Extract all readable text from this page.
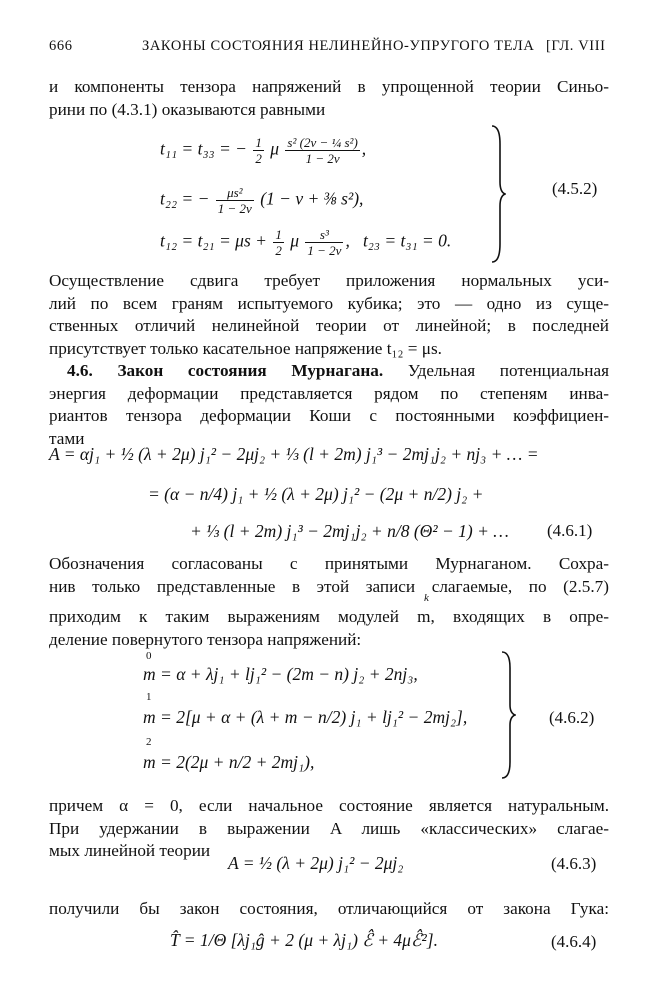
666	ЗАКОНЫ СОСТОЯНИЯ НЕЛИНЕЙНО-УПРУГОГО ТЕЛА [ГЛ. VIII
и компоненты тензора напряжений в упрощенной теории Синьо-
рини по (4.3.1) оказываются равными
t₁₁ = t₃₃ = − $\frac{1}{2}$ μ $\frac{\text{s² (2ν − ¼ s²)}}{1 - 2\nu}$ ,
t₂₂ = − $\frac{\text{μs²}}{1 - 2\nu} (1 - \nu$ + ⅜ s²),
$t_{12} = t_{21} = \mu s + \frac{1}{2}$ μ $\frac{\text{s³}}{1 - 2\nu}$ ,   t₂₃ = t₃₁ = 0.
(4.5.2)
Осуществление сдвига требует приложения нормальных уси-
лий по всем граням испытуемого кубика; это — одно из суще-
ственных отличий нелинейной теории от линейной; в последней
присутствует только касательное напряжение t₁₂ = μs.
4.6. Закон состояния Мурнагана. Удельная потенциальная
энергия деформации представляется рядом по степеням инва-
риантов тензора деформации Коши с постоянными коэффициен-
тами
A = αj₁ + ½ (λ + 2μ) j₁² − 2μj₂ + ⅓ (l + 2m) j₁³ − 2mj₁j₂ + nj₃ + … =
= (α − n/4) j₁ + ½ (λ + 2μ) j₁² − (2μ + n/2) j₂ +
+ ⅓ (l + 2m) j₁³ − 2mj₁j₂ + n/8 (Θ² − 1) + … (4.6.1)
Обозначения согласованы с принятыми Мурнаганом. Сохра-
нив только представленные в этой записи слагаемые, по (2.5.7)
k
приходим к таким выражениям модулей m, входящих в опре-
деление повернутого тензора напряжений:
0
m = α + λj₁ + lj₁² − (2m − n) j₂ + 2nj₃,
1
m = 2[μ + α + (λ + m − n/2) j₁ + lj₁² − 2mj₂],
2
m = 2(2μ + n/2 + 2mj₁),
(4.6.2)
причем α = 0, если начальное состояние является натуральным.
При удержании в выражении A лишь «классических» слагае-
мых линейной теории
A = ½ (λ + 2μ) j₁² − 2μj₂	(4.6.3)
получили бы закон состояния, отличающийся от закона Гука:
T̂ = 1/Θ [λj₁ĝ + 2 (μ + λj₁) ℰ̂ + 4μℰ̂²].	(4.6.4)
